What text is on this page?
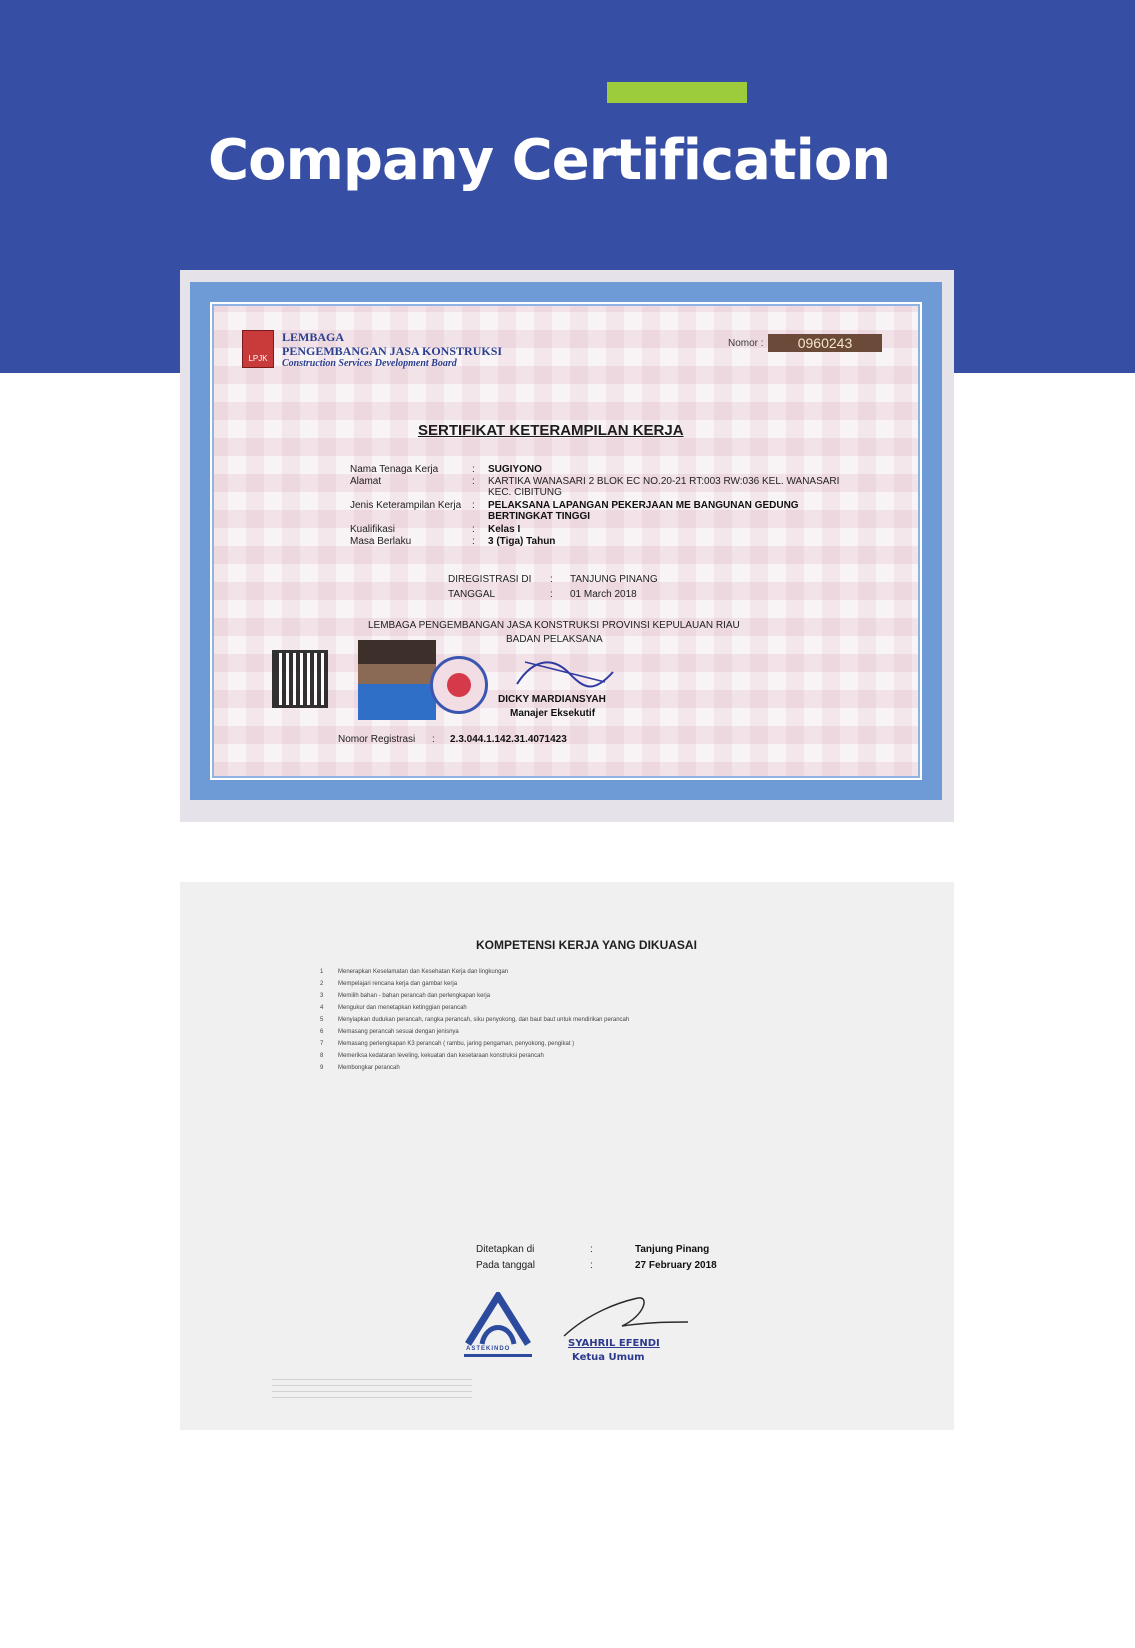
Company Certification
LPJK
LEMBAGA
PENGEMBANGAN JASA KONSTRUKSI
Construction Services Development Board
Nomor :	0960243
SERTIFIKAT KETERAMPILAN KERJA
Nama Tenaga Kerja	: SUGIYONO
Alamat	: KARTIKA WANASARI 2 BLOK EC NO.20-21 RT:003 RW:036 KEL. WANASARI
KEC. CIBITUNG
Jenis Keterampilan Kerja : PELAKSANA LAPANGAN PEKERJAAN ME BANGUNAN GEDUNG
BERTINGKAT TINGGI
Kualifikasi	: Kelas I
Masa Berlaku	: 3 (Tiga) Tahun
DIREGISTRASI DI : TANJUNG PINANG
TANGGAL	: 01 March 2018
LEMBAGA PENGEMBANGAN JASA KONSTRUKSI PROVINSI KEPULAUAN RIAU
BADAN PELAKSANA
DICKY MARDIANSYAH
Manajer Eksekutif
Nomor Registrasi : 2.3.044.1.142.31.4071423
KOMPETENSI KERJA YANG DIKUASAI
1 Menerapkan Keselamatan dan Kesehatan Kerja dan lingkungan
2 Mempelajari rencana kerja dan gambar kerja
3 Memilih bahan - bahan perancah dan perlengkapan kerja
4 Mengukur dan menetapkan ketinggian perancah
5 Menyiapkan dudukan perancah, rangka perancah, siku penyokong, dan baut baut untuk mendirikan perancah
6 Memasang perancah sesuai dengan jenisnya
7 Memasang perlengkapan K3 perancah ( rambu, jaring pengaman, penyokong, pengikat )
8 Memeriksa kedataran leveling, kekuatan dan kesetaraan konstruksi perancah
9 Membongkar perancah
Ditetapkan di	:	Tanjung Pinang
Pada tanggal	:	27 February 2018
ASTEKINDO	SYAHRIL EFENDI
Ketua Umum
